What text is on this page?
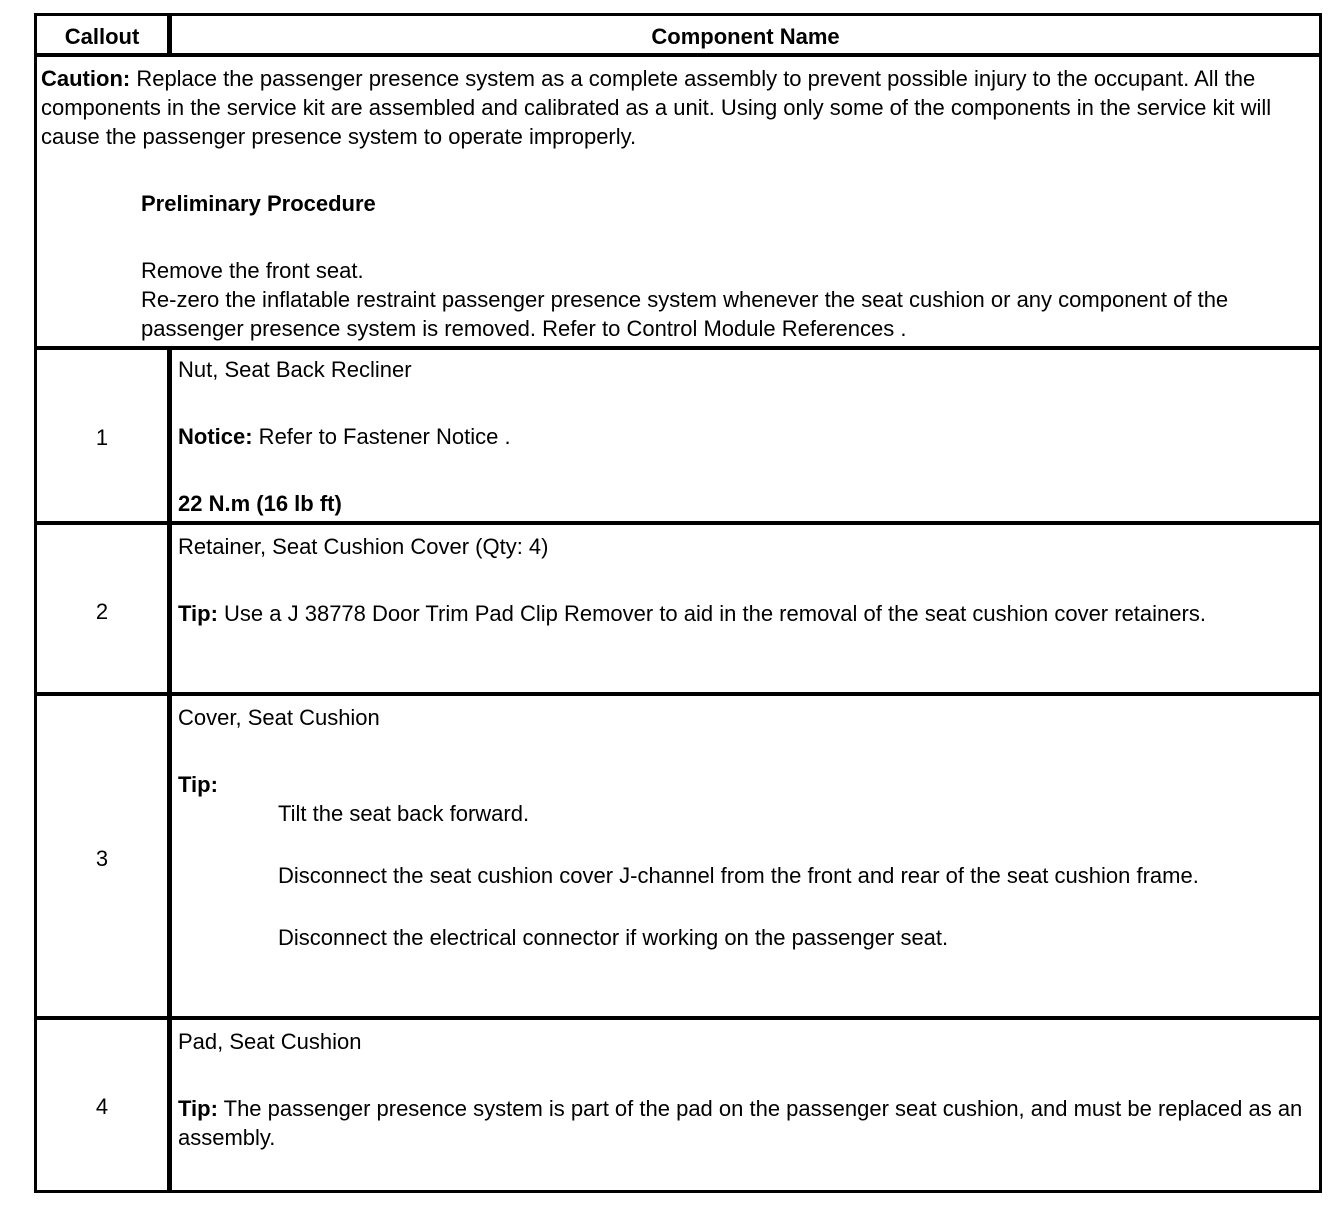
Callout	Component Name

Caution: Replace the passenger presence system as a complete assembly to prevent possible injury to the occupant. All the components in the service kit are assembled and calibrated as a unit. Using only some of the components in the service kit will cause the passenger presence system to operate improperly.

Preliminary Procedure

Remove the front seat.

Re-zero the inflatable restraint passenger presence system whenever the seat cushion or any component of the passenger presence system is removed. Refer to Control Module References .

1

Nut, Seat Back Recliner

Notice: Refer to Fastener Notice .

22 N.m (16 lb ft)

2

Retainer, Seat Cushion Cover (Qty: 4)

Tip: Use a J 38778 Door Trim Pad Clip Remover to aid in the removal of the seat cushion cover retainers.

3

Cover, Seat Cushion

Tip:

Tilt the seat back forward.

Disconnect the seat cushion cover J-channel from the front and rear of the seat cushion frame.

Disconnect the electrical connector if working on the passenger seat.

4

Pad, Seat Cushion

Tip: The passenger presence system is part of the pad on the passenger seat cushion, and must be replaced as an assembly.
